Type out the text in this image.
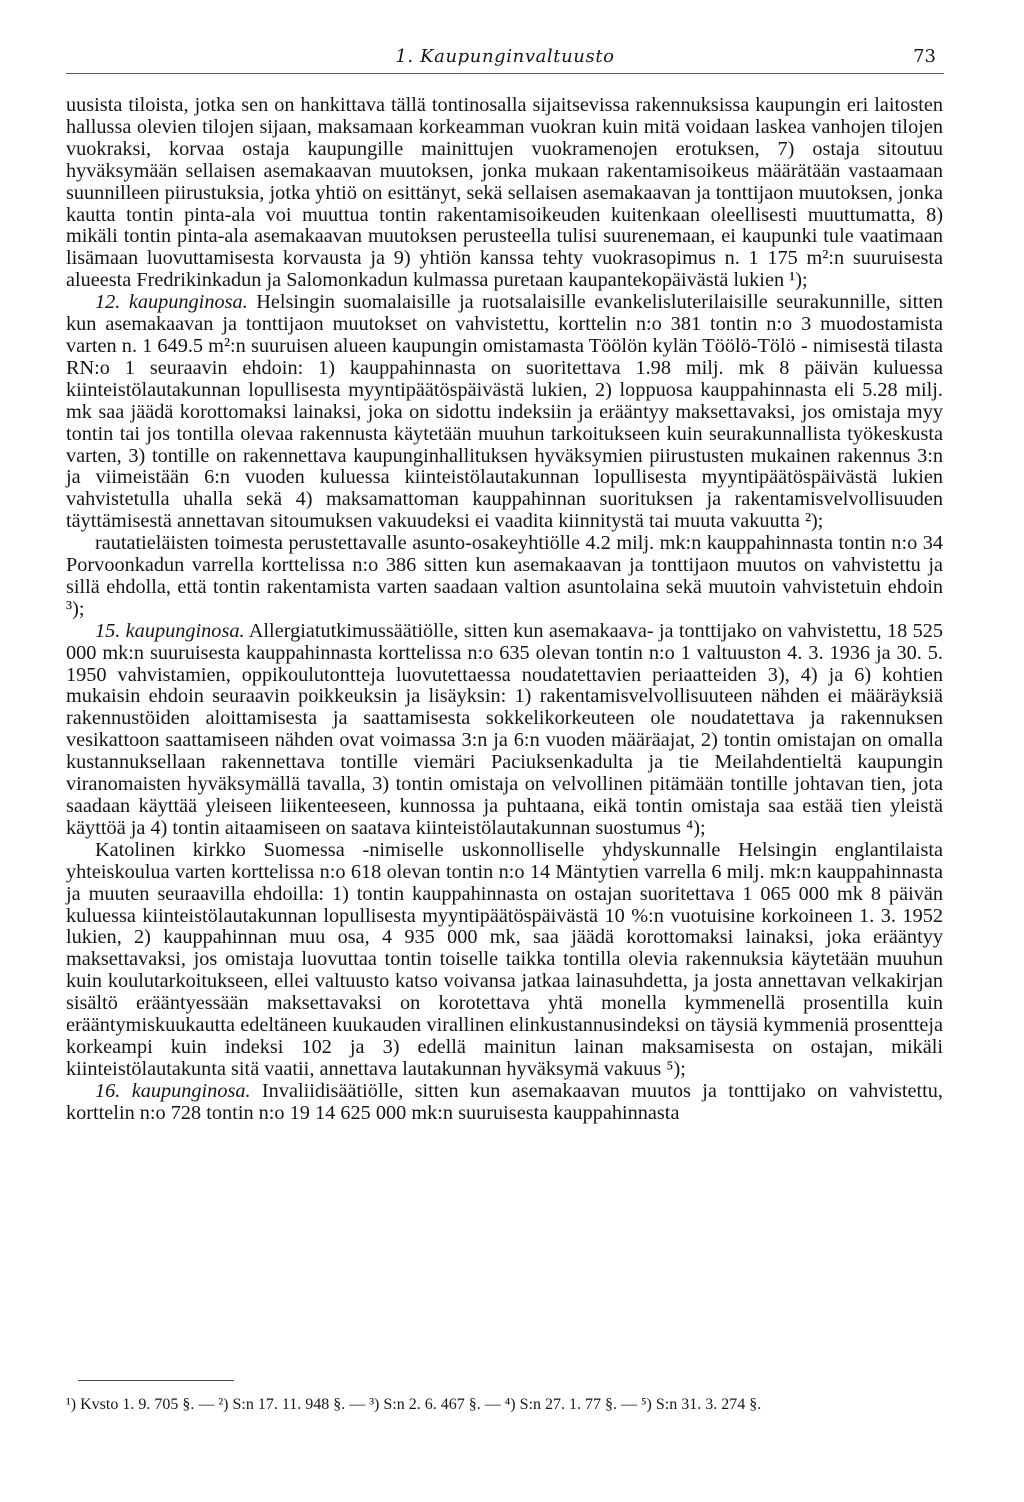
1. Kaupunginvaltuusto	73

uusista tiloista, jotka sen on hankittava tällä tontinosalla sijaitsevissa rakennuksissa kaupungin eri laitosten hallussa olevien tilojen sijaan, maksamaan korkeamman vuokran kuin mitä voidaan laskea vanhojen tilojen vuokraksi, korvaa ostaja kaupungille mainittujen vuokramenojen erotuksen, 7) ostaja sitoutuu hyväksymään sellaisen asemakaavan muutoksen, jonka mukaan rakentamisoikeus määrätään vastaamaan suunnilleen piirustuksia, jotka yhtiö on esittänyt, sekä sellaisen asemakaavan ja tonttijaon muutoksen, jonka kautta tontin pinta-ala voi muuttua tontin rakentamisoikeuden kuitenkaan oleellisesti muuttumatta, 8) mikäli tontin pinta-ala asemakaavan muutoksen perusteella tulisi suurenemaan, ei kaupunki tule vaatimaan lisämaan luovuttamisesta korvausta ja 9) yhtiön kanssa tehty vuokrasopimus n. 1 175 m²:n suuruisesta alueesta Fredrikinkadun ja Salomonkadun kulmassa puretaan kaupantekopäivästä lukien ¹);

12. kaupunginosa. Helsingin suomalaisille ja ruotsalaisille evankelisluterilaisille seurakunnille, sitten kun asemakaavan ja tonttijaon muutokset on vahvistettu, korttelin n:o 381 tontin n:o 3 muodostamista varten n. 1 649.5 m²:n suuruisen alueen kaupungin omistamasta Töölön kylän Töölö-Tölö - nimisestä tilasta RN:o 1 seuraavin ehdoin: 1) kauppahinnasta on suoritettava 1.98 milj. mk 8 päivän kuluessa kiinteistölautakunnan lopullisesta myyntipäätöspäivästä lukien, 2) loppuosa kauppahinnasta eli 5.28 milj. mk saa jäädä korottomaksi lainaksi, joka on sidottu indeksiin ja erääntyy maksettavaksi, jos omistaja myy tontin tai jos tontilla olevaa rakennusta käytetään muuhun tarkoitukseen kuin seurakunnallista työkeskusta varten, 3) tontille on rakennettava kaupunginhallituksen hyväksymien piirustusten mukainen rakennus 3:n ja viimeistään 6:n vuoden kuluessa kiinteistölautakunnan lopullisesta myyntipäätöspäivästä lukien vahvistetulla uhalla sekä 4) maksamattoman kauppahinnan suorituksen ja rakentamisvelvollisuuden täyttämisestä annettavan sitoumuksen vakuudeksi ei vaadita kiinnitystä tai muuta vakuutta ²);

rautatieläisten toimesta perustettavalle asunto-osakeyhtiölle 4.2 milj. mk:n kauppahinnasta tontin n:o 34 Porvoonkadun varrella korttelissa n:o 386 sitten kun asemakaavan ja tonttijaon muutos on vahvistettu ja sillä ehdolla, että tontin rakentamista varten saadaan valtion asuntolaina sekä muutoin vahvistetuin ehdoin ³);

15. kaupunginosa. Allergiatutkimussäätiölle, sitten kun asemakaava- ja tonttijako on vahvistettu, 18 525 000 mk:n suuruisesta kauppahinnasta korttelissa n:o 635 olevan tontin n:o 1 valtuuston 4. 3. 1936 ja 30. 5. 1950 vahvistamien, oppikoulutontteja luovutettaessa noudatettavien periaatteiden 3), 4) ja 6) kohtien mukaisin ehdoin seuraavin poikkeuksin ja lisäyksin: 1) rakentamisvelvollisuuteen nähden ei määräyksiä rakennustöiden aloittamisesta ja saattamisesta sokkelikorkeuteen ole noudatettava ja rakennuksen vesikattoon saattamiseen nähden ovat voimassa 3:n ja 6:n vuoden määräajat, 2) tontin omistajan on omalla kustannuksellaan rakennettava tontille viemäri Paciuksenkadulta ja tie Meilahdentieltä kaupungin viranomaisten hyväksymällä tavalla, 3) tontin omistaja on velvollinen pitämään tontille johtavan tien, jota saadaan käyttää yleiseen liikenteeseen, kunnossa ja puhtaana, eikä tontin omistaja saa estää tien yleistä käyttöä ja 4) tontin aitaamiseen on saatava kiinteistölautakunnan suostumus ⁴);

Katolinen kirkko Suomessa -nimiselle uskonnolliselle yhdyskunnalle Helsingin englantilaista yhteiskoulua varten korttelissa n:o 618 olevan tontin n:o 14 Mäntytien varrella 6 milj. mk:n kauppahinnasta ja muuten seuraavilla ehdoilla: 1) tontin kauppahinnasta on ostajan suoritettava 1 065 000 mk 8 päivän kuluessa kiinteistölautakunnan lopullisesta myyntipäätöspäivästä 10 %:n vuotuisine korkoineen 1. 3. 1952 lukien, 2) kauppahinnan muu osa, 4 935 000 mk, saa jäädä korottomaksi lainaksi, joka erääntyy maksettavaksi, jos omistaja luovuttaa tontin toiselle taikka tontilla olevia rakennuksia käytetään muuhun kuin koulutarkoitukseen, ellei valtuusto katso voivansa jatkaa lainasuhdetta, ja josta annettavan velkakirjan sisältö erääntyessään maksettavaksi on korotettava yhtä monella kymmenellä prosentilla kuin erääntymiskuukautta edeltäneen kuukauden virallinen elinkustannusindeksi on täysiä kymmeniä prosentteja korkeampi kuin indeksi 102 ja 3) edellä mainitun lainan maksamisesta on ostajan, mikäli kiinteistölautakunta sitä vaatii, annettava lautakunnan hyväksymä vakuus ⁵);

16. kaupunginosa. Invaliidisäätiölle, sitten kun asemakaavan muutos ja tonttijako on vahvistettu, korttelin n:o 728 tontin n:o 19 14 625 000 mk:n suuruisesta kauppahinnasta

¹) Kvsto 1. 9. 705 §. — ²) S:n 17. 11. 948 §. — ³) S:n 2. 6. 467 §. — ⁴) S:n 27. 1. 77 §. — ⁵) S:n 31. 3. 274 §.
